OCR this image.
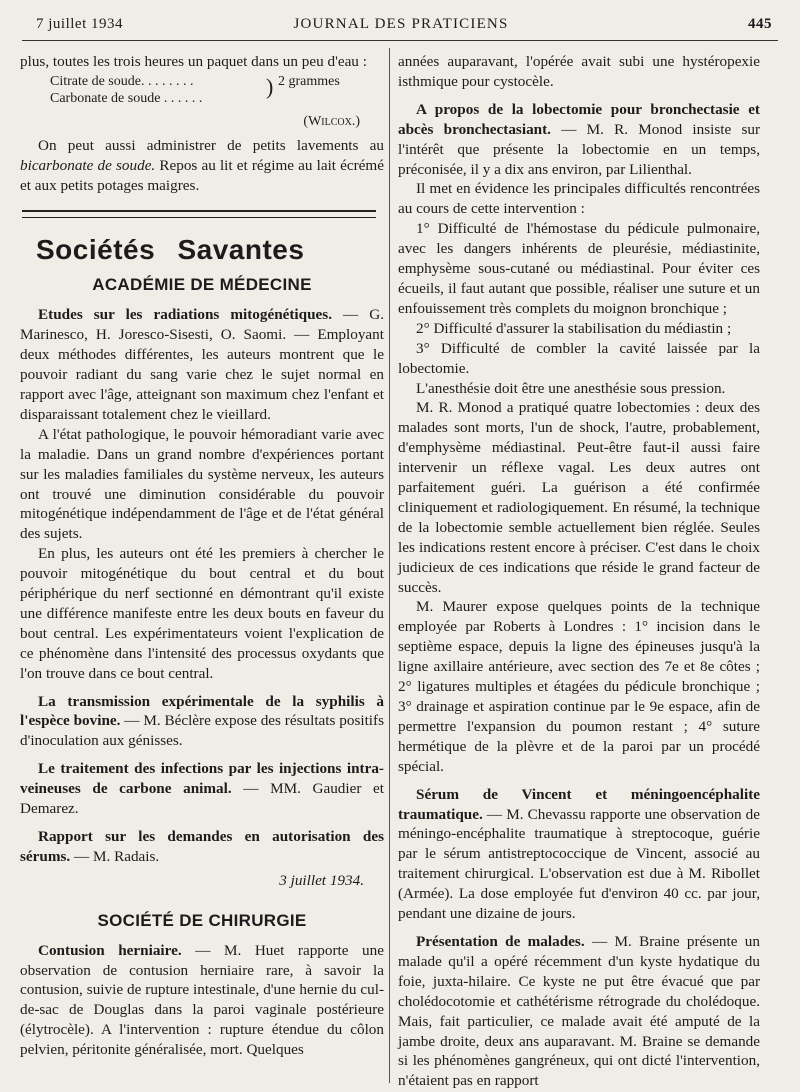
7 juillet 1934	JOURNAL DES PRATICIENS	445

plus, toutes les trois heures un paquet dans un peu d'eau :

Citrate de soude. . . . . . . .
Carbonate de soude . . . . . .	) 2 grammes

(Wilcox.)

On peut aussi administrer de petits lavements au bicarbonate de soude. Repos au lit et régime au lait écrémé et aux petits potages maigres.

Sociétés Savantes
ACADÉMIE DE MÉDECINE

Etudes sur les radiations mitogénétiques. — G. Marinesco, H. Joresco-Sisesti, O. Saomi. — Employant deux méthodes différentes, les auteurs montrent que le pouvoir radiant du sang varie chez le sujet normal en rapport avec l'âge, atteignant son maximum chez l'enfant et disparaissant totalement chez le vieillard.

A l'état pathologique, le pouvoir hémoradiant varie avec la maladie. Dans un grand nombre d'expériences portant sur les maladies familiales du système nerveux, les auteurs ont trouvé une diminution considérable du pouvoir mitogénétique indépendamment de l'âge et de l'état général des sujets.

En plus, les auteurs ont été les premiers à chercher le pouvoir mitogénétique du bout central et du bout périphérique du nerf sectionné en démontrant qu'il existe une différence manifeste entre les deux bouts en faveur du bout central. Les expérimentateurs voient l'explication de ce phénomène dans l'intensité des processus oxydants que l'on trouve dans ce bout central.

La transmission expérimentale de la syphilis à l'espèce bovine. — M. Béclère expose des résultats positifs d'inoculation aux génisses.

Le traitement des infections par les injections intra-veineuses de carbone animal. — MM. Gaudier et Demarez.

Rapport sur les demandes en autorisation des sérums. — M. Radais.

3 juillet 1934.

SOCIÉTÉ DE CHIRURGIE

Contusion herniaire. — M. Huet rapporte une observation de contusion herniaire rare, à savoir la contusion, suivie de rupture intestinale, d'une hernie du cul-de-sac de Douglas dans la paroi vaginale postérieure (élytrocèle). A l'intervention : rupture étendue du côlon pelvien, péritonite généralisée, mort. Quelques

années auparavant, l'opérée avait subi une hystéropexie isthmique pour cystocèle.

A propos de la lobectomie pour bronchectasie et abcès bronchectasiant. — M. R. Monod insiste sur l'intérêt que présente la lobectomie en un temps, préconisée, il y a dix ans environ, par Lilienthal.

Il met en évidence les principales difficultés rencontrées au cours de cette intervention :

1° Difficulté de l'hémostase du pédicule pulmonaire, avec les dangers inhérents de pleurésie, médiastinite, emphysème sous-cutané ou médiastinal. Pour éviter ces écueils, il faut autant que possible, réaliser une suture et un enfouissement très complets du moignon bronchique ;

2° Difficulté d'assurer la stabilisation du médiastin ;

3° Difficulté de combler la cavité laissée par la lobectomie.

L'anesthésie doit être une anesthésie sous pression.

M. R. Monod a pratiqué quatre lobectomies : deux des malades sont morts, l'un de shock, l'autre, probablement, d'emphysème médiastinal. Peut-être faut-il aussi faire intervenir un réflexe vagal. Les deux autres ont parfaitement guéri. La guérison a été confirmée cliniquement et radiologiquement. En résumé, la technique de la lobectomie semble actuellement bien réglée. Seules les indications restent encore à préciser. C'est dans le choix judicieux de ces indications que réside le grand facteur de succès.

M. Maurer expose quelques points de la technique employée par Roberts à Londres : 1° incision dans le septième espace, depuis la ligne des épineuses jusqu'à la ligne axillaire antérieure, avec section des 7e et 8e côtes ; 2° ligatures multiples et étagées du pédicule bronchique ; 3° drainage et aspiration continue par le 9e espace, afin de permettre l'expansion du poumon restant ; 4° suture hermétique de la plèvre et de la paroi par un procédé spécial.

Sérum de Vincent et méningoencéphalite traumatique. — M. Chevassu rapporte une observation de méningo-encéphalite traumatique à streptocoque, guérie par le sérum antistreptococcique de Vincent, associé au traitement chirurgical. L'observation est due à M. Ribollet (Armée). La dose employée fut d'environ 40 cc. par jour, pendant une dizaine de jours.

Présentation de malades. — M. Braine présente un malade qu'il a opéré récemment d'un kyste hydatique du foie, juxta-hilaire. Ce kyste ne put être évacué que par cholédocotomie et cathétérisme rétrograde du cholédoque. Mais, fait particulier, ce malade avait été amputé de la jambe droite, deux ans auparavant. M. Braine se demande si les phénomènes gangréneux, qui ont dicté l'intervention, n'étaient pas en rapport
